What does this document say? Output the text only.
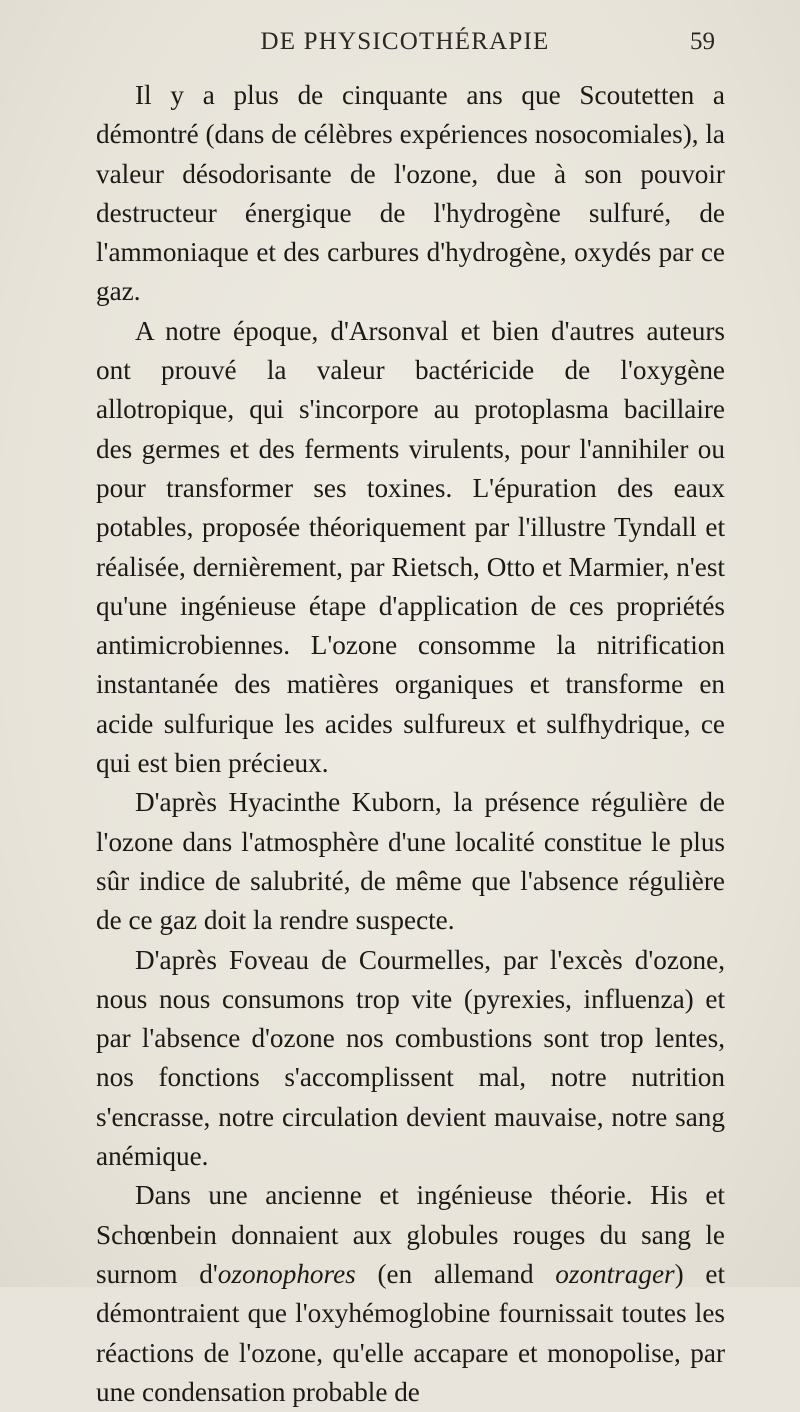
DE PHYSICOTHÉRAPIE	59

Il y a plus de cinquante ans que Scoutetten a démontré (dans de célèbres expériences nosocomiales), la valeur désodorisante de l'ozone, due à son pouvoir destructeur énergique de l'hydrogène sulfuré, de l'ammoniaque et des carbures d'hydrogène, oxydés par ce gaz.

A notre époque, d'Arsonval et bien d'autres auteurs ont prouvé la valeur bactéricide de l'oxygène allotropique, qui s'incorpore au protoplasma bacillaire des germes et des ferments virulents, pour l'annihiler ou pour transformer ses toxines. L'épuration des eaux potables, proposée théoriquement par l'illustre Tyndall et réalisée, dernièrement, par Rietsch, Otto et Marmier, n'est qu'une ingénieuse étape d'application de ces propriétés antimicrobiennes. L'ozone consomme la nitrification instantanée des matières organiques et transforme en acide sulfurique les acides sulfureux et sulfhydrique, ce qui est bien précieux.

D'après Hyacinthe Kuborn, la présence régulière de l'ozone dans l'atmosphère d'une localité constitue le plus sûr indice de salubrité, de même que l'absence régulière de ce gaz doit la rendre suspecte.

D'après Foveau de Courmelles, par l'excès d'ozone, nous nous consumons trop vite (pyrexies, influenza) et par l'absence d'ozone nos combustions sont trop lentes, nos fonctions s'accomplissent mal, notre nutrition s'encrasse, notre circulation devient mauvaise, notre sang anémique.

Dans une ancienne et ingénieuse théorie. His et Schœnbein donnaient aux globules rouges du sang le surnom d'ozonophores (en allemand ozontrager) et démontraient que l'oxyhémoglobine fournissait toutes les réactions de l'ozone, qu'elle accapare et monopolise, par une condensation probable de
